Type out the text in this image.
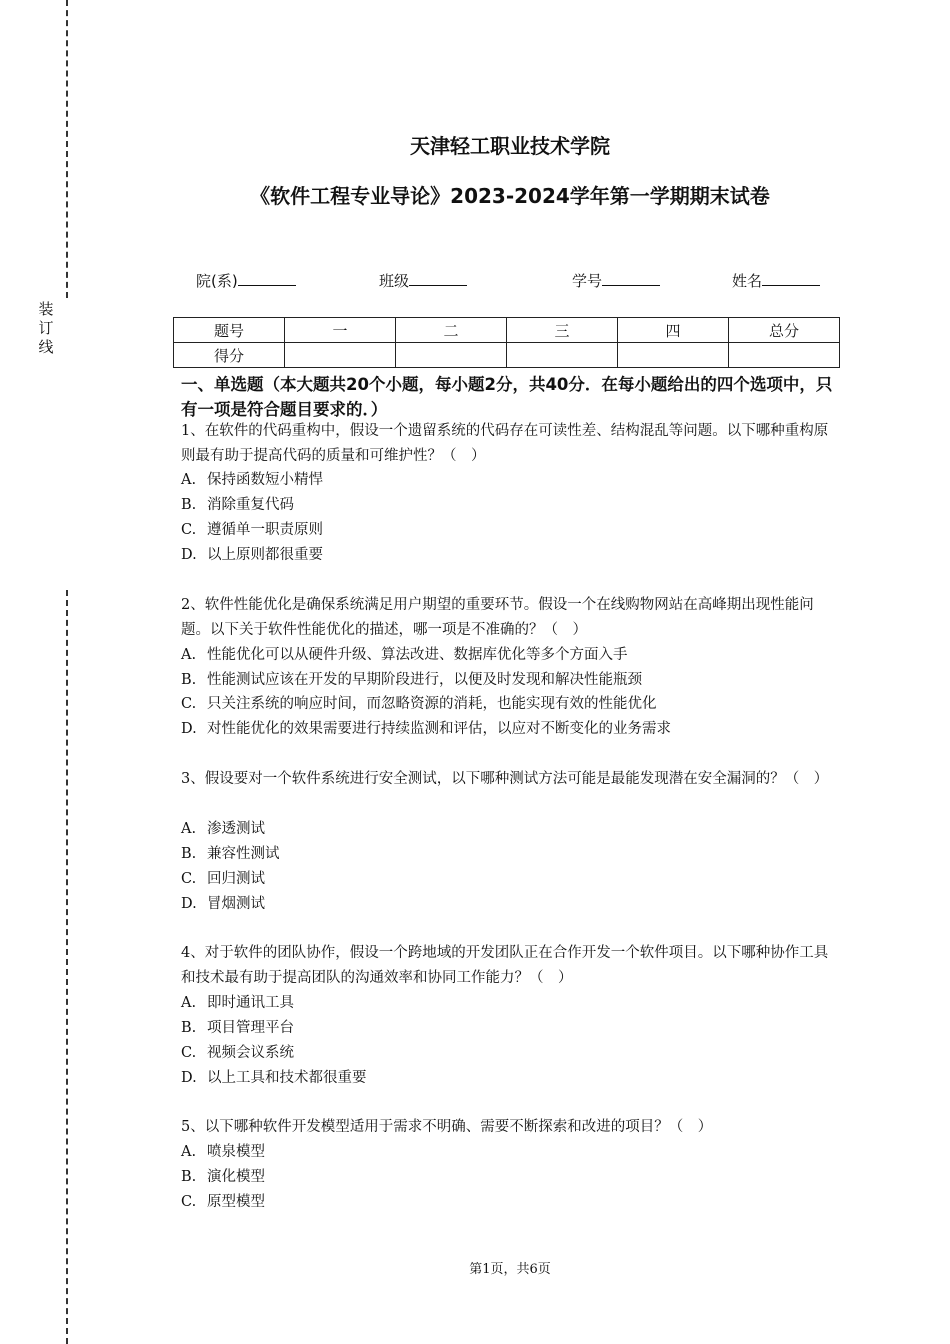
装
订
线
天津轻工职业技术学院
《软件工程专业导论》2023-2024学年第一学期期末试卷
院(系)	班级	学号	姓名
题号	一	二	三	四	总分
得分					
一、单选题（本大题共20个小题，每小题2分，共40分．在每小题给出的四个选项中，只有一项是符合题目要求的．）
1、在软件的代码重构中，假设一个遗留系统的代码存在可读性差、结构混乱等问题。以下哪种重构原则最有助于提高代码的质量和可维护性？（　）
A. 保持函数短小精悍
B. 消除重复代码
C. 遵循单一职责原则
D. 以上原则都很重要
2、软件性能优化是确保系统满足用户期望的重要环节。假设一个在线购物网站在高峰期出现性能问题。以下关于软件性能优化的描述，哪一项是不准确的？（　）
A. 性能优化可以从硬件升级、算法改进、数据库优化等多个方面入手
B. 性能测试应该在开发的早期阶段进行，以便及时发现和解决性能瓶颈
C. 只关注系统的响应时间，而忽略资源的消耗，也能实现有效的性能优化
D. 对性能优化的效果需要进行持续监测和评估，以应对不断变化的业务需求
3、假设要对一个软件系统进行安全测试，以下哪种测试方法可能是最能发现潜在安全漏洞的？（　）
A. 渗透测试
B. 兼容性测试
C. 回归测试
D. 冒烟测试
4、对于软件的团队协作，假设一个跨地域的开发团队正在合作开发一个软件项目。以下哪种协作工具和技术最有助于提高团队的沟通效率和协同工作能力？（　）
A. 即时通讯工具
B. 项目管理平台
C. 视频会议系统
D. 以上工具和技术都很重要
5、以下哪种软件开发模型适用于需求不明确、需要不断探索和改进的项目？（　）
A. 喷泉模型
B. 演化模型
C. 原型模型
第1页，共6页
